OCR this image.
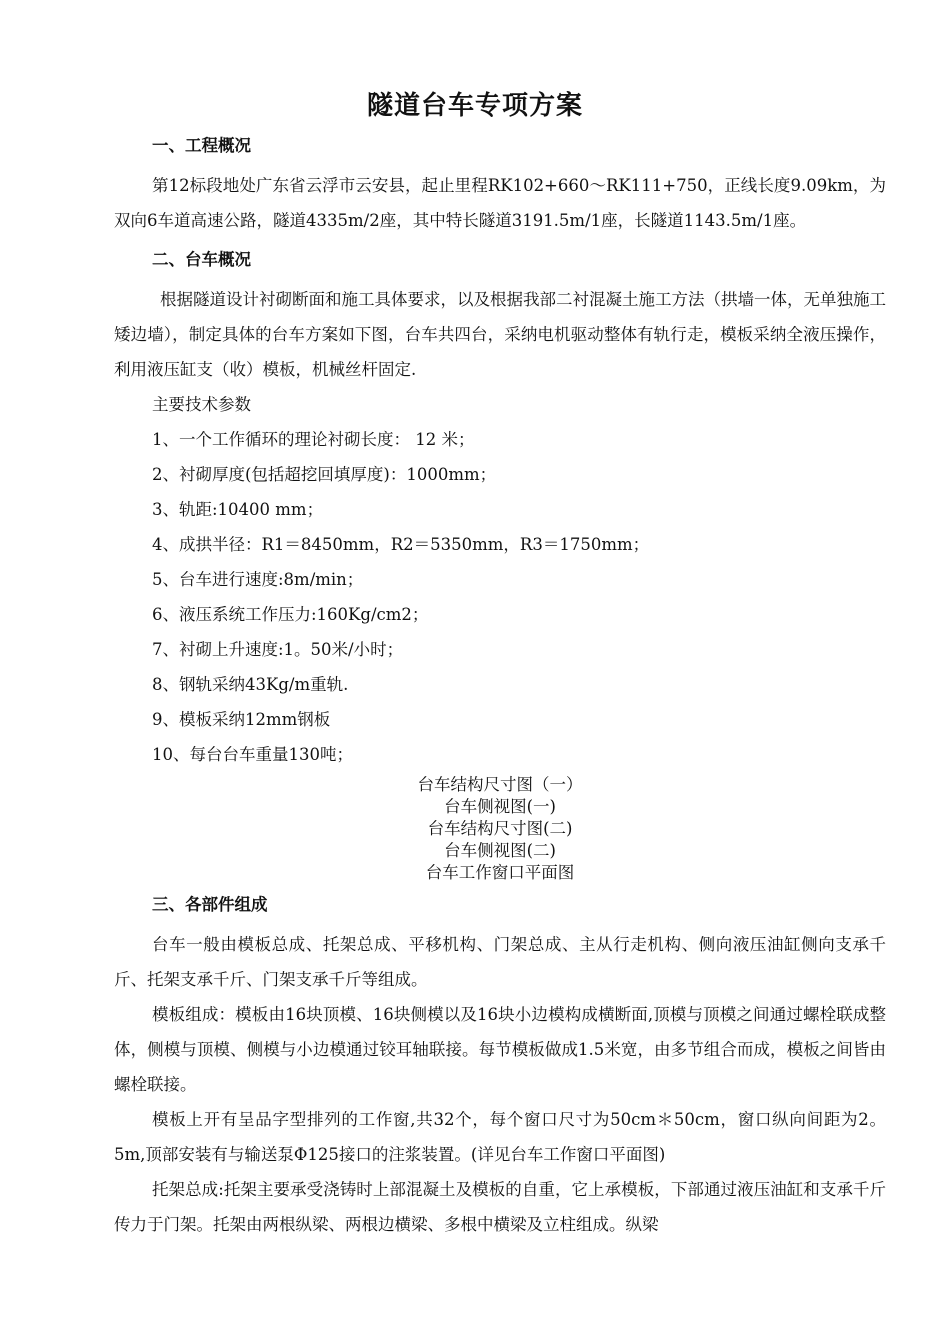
隧道台车专项方案
一、工程概况

第12标段地处广东省云浮市云安县，起止里程RK102+660～RK111+750，正线长度9.09km，为双向6车道高速公路，隧道4335m/2座，其中特长隧道3191.5m/1座，长隧道1143.5m/1座。

二、台车概况

根据隧道设计衬砌断面和施工具体要求，以及根据我部二衬混凝土施工方法（拱墙一体，无单独施工矮边墙），制定具体的台车方案如下图，台车共四台，采纳电机驱动整体有轨行走，模板采纳全液压操作，利用液压缸支（收）模板，机械丝杆固定.

主要技术参数
1、一个工作循环的理论衬砌长度： 12 米；
2、衬砌厚度(包括超挖回填厚度)：1000mm；
3、轨距:10400 mm；
4、成拱半径：R1＝8450mm，R2＝5350mm，R3＝1750mm；
5、台车进行速度:8m/min；
6、液压系统工作压力:160Kg/cm2；
7、衬砌上升速度:1。50米/小时；
8、钢轨采纳43Kg/m重轨.
9、模板采纳12mm钢板
10、每台台车重量130吨；
台车结构尺寸图（一）
台车侧视图(一)
台车结构尺寸图(二)
台车侧视图(二)
台车工作窗口平面图
三、各部件组成

台车一般由模板总成、托架总成、平移机构、门架总成、主从行走机构、侧向液压油缸侧向支承千斤、托架支承千斤、门架支承千斤等组成。

模板组成：模板由16块顶模、16块侧模以及16块小边模构成横断面,顶模与顶模之间通过螺栓联成整体，侧模与顶模、侧模与小边模通过铰耳轴联接。每节模板做成1.5米宽，由多节组合而成，模板之间皆由螺栓联接。

模板上开有呈品字型排列的工作窗,共32个，每个窗口尺寸为50cm＊50cm，窗口纵向间距为2。5m,顶部安装有与输送泵Φ125接口的注浆装置。(详见台车工作窗口平面图)

托架总成:托架主要承受浇铸时上部混凝土及模板的自重，它上承模板，下部通过液压油缸和支承千斤传力于门架。托架由两根纵梁、两根边横梁、多根中横梁及立柱组成。纵梁
